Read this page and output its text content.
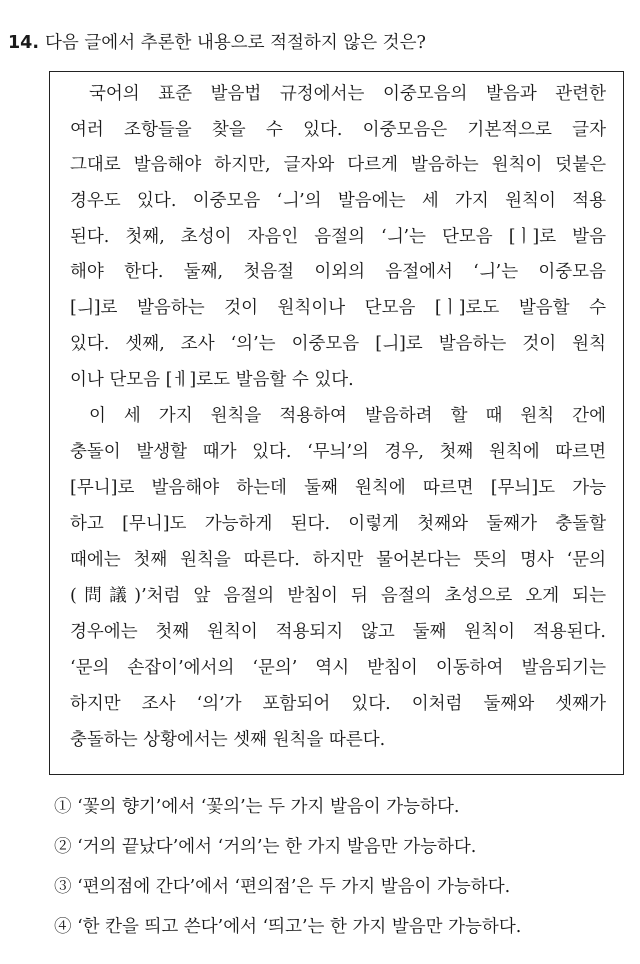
14. 다음 글에서 추론한 내용으로 적절하지 않은 것은?
국어의 표준 발음법 규정에서는 이중모음의 발음과 관련한
여러 조항들을 찾을 수 있다. 이중모음은 기본적으로 글자
그대로 발음해야 하지만, 글자와 다르게 발음하는 원칙이 덧붙은
경우도 있다. 이중모음 ‘ㅢ’의 발음에는 세 가지 원칙이 적용
된다. 첫째, 초성이 자음인 음절의 ‘ㅢ’는 단모음 [ㅣ]로 발음
해야 한다. 둘째, 첫음절 이외의 음절에서 ‘ㅢ’는 이중모음
[ㅢ]로 발음하는 것이 원칙이나 단모음 [ㅣ]로도 발음할 수
있다. 셋째, 조사 ‘의’는 이중모음 [ㅢ]로 발음하는 것이 원칙
이나 단모음 [ㅔ]로도 발음할 수 있다.
이 세 가지 원칙을 적용하여 발음하려 할 때 원칙 간에
충돌이 발생할 때가 있다. ‘무늬’의 경우, 첫째 원칙에 따르면
[무니]로 발음해야 하는데 둘째 원칙에 따르면 [무늬]도 가능
하고 [무니]도 가능하게 된다. 이렇게 첫째와 둘째가 충돌할
때에는 첫째 원칙을 따른다. 하지만 물어본다는 뜻의 명사 ‘문의
(問議)’처럼 앞 음절의 받침이 뒤 음절의 초성으로 오게 되는
경우에는 첫째 원칙이 적용되지 않고 둘째 원칙이 적용된다.
‘문의 손잡이’에서의 ‘문의’ 역시 받침이 이동하여 발음되기는
하지만 조사 ‘의’가 포함되어 있다. 이처럼 둘째와 셋째가
충돌하는 상황에서는 셋째 원칙을 따른다.
① ‘꽃의 향기’에서 ‘꽃의’는 두 가지 발음이 가능하다.
② ‘거의 끝났다’에서 ‘거의’는 한 가지 발음만 가능하다.
③ ‘편의점에 간다’에서 ‘편의점’은 두 가지 발음이 가능하다.
④ ‘한 칸을 띄고 쓴다’에서 ‘띄고’는 한 가지 발음만 가능하다.
